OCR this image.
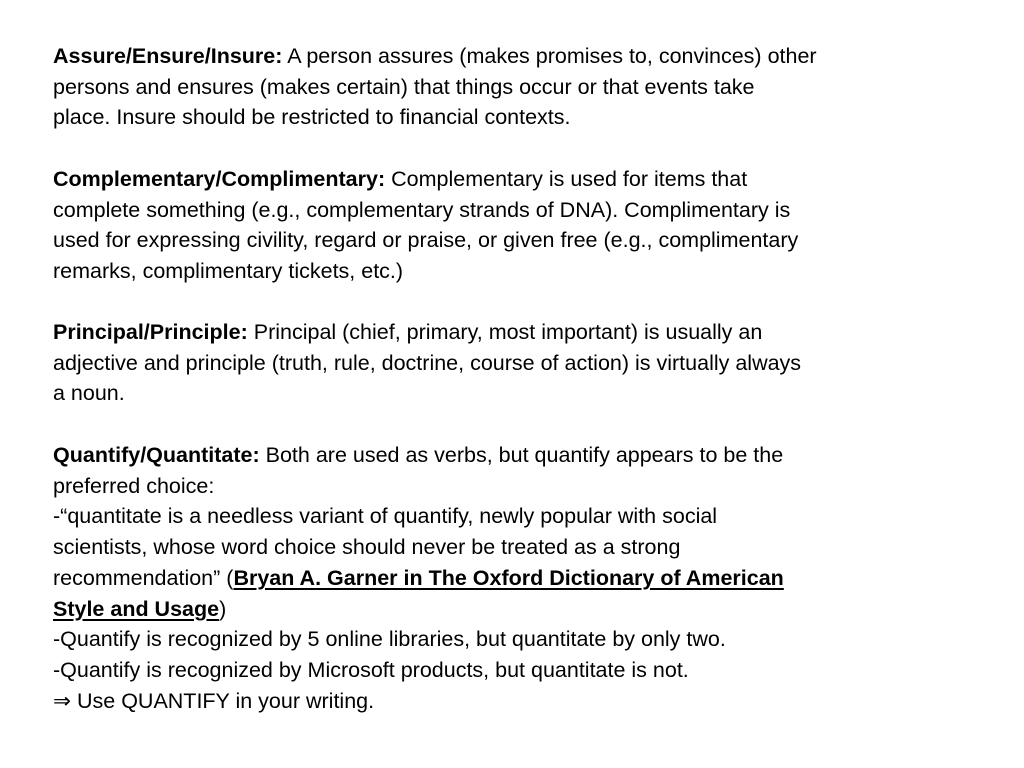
Assure/Ensure/Insure: A person assures (makes promises to, convinces) other
persons and ensures (makes certain) that things occur or that events take
place. Insure should be restricted to financial contexts.

Complementary/Complimentary: Complementary is used for items that
complete something (e.g., complementary strands of DNA). Complimentary is
used for expressing civility, regard or praise, or given free (e.g., complimentary
remarks, complimentary tickets, etc.)

Principal/Principle: Principal (chief, primary, most important) is usually an
adjective and principle (truth, rule, doctrine, course of action) is virtually always
a noun.

Quantify/Quantitate: Both are used as verbs, but quantify appears to be the
preferred choice:
-“quantitate is a needless variant of quantify, newly popular with social
scientists, whose word choice should never be treated as a strong
recommendation” (Bryan A. Garner in The Oxford Dictionary of American
Style and Usage)
-Quantify is recognized by 5 online libraries, but quantitate by only two.
-Quantify is recognized by Microsoft products, but quantitate is not.
⇒ Use QUANTIFY in your writing.
